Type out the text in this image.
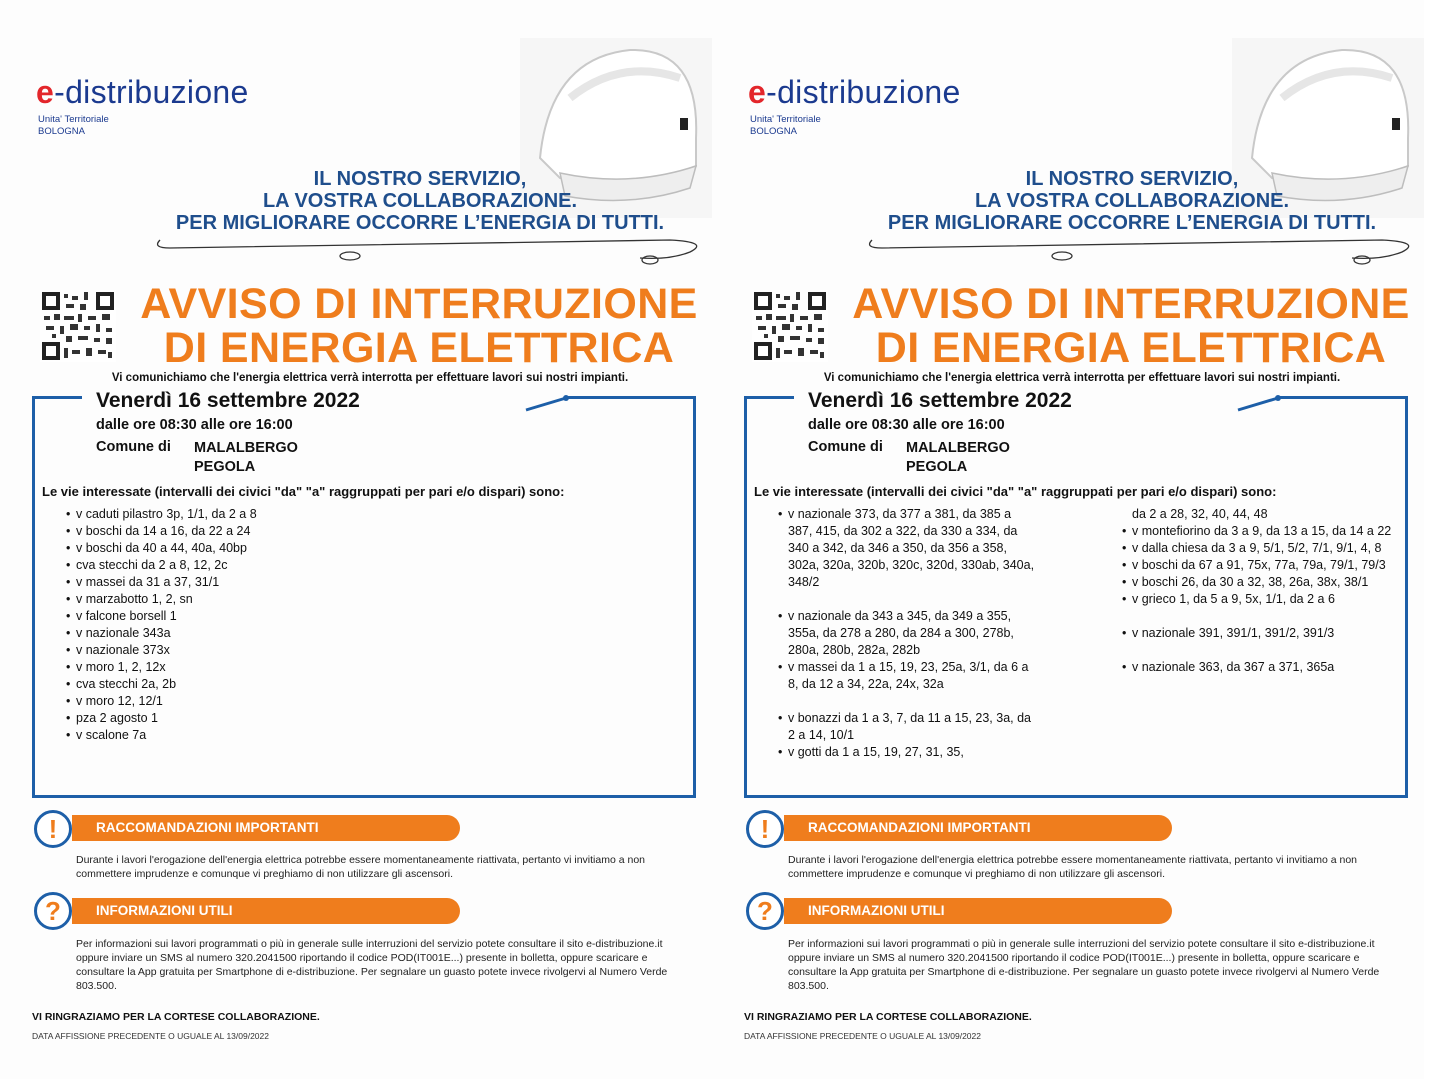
e-distribuzione
Unita' Territoriale
BOLOGNA
IL NOSTRO SERVIZIO,
LA VOSTRA COLLABORAZIONE.
PER MIGLIORARE OCCORRE L’ENERGIA DI TUTTI.
AVVISO DI INTERRUZIONE
DI ENERGIA ELETTRICA
Vi comunichiamo che l'energia elettrica verrà interrotta per effettuare lavori sui nostri impianti.
Venerdì 16 settembre 2022
dalle ore 08:30 alle ore 16:00
Comune di MALALBERGO
PEGOLA
Le vie interessate (intervalli dei civici "da" "a" raggruppati per pari e/o dispari) sono:
• v caduti pilastro 3p, 1/1, da 2 a 8
• v boschi da 14 a 16, da 22 a 24
• v boschi da 40 a 44, 40a, 40bp
• cva stecchi da 2 a 8, 12, 2c
• v massei da 31 a 37, 31/1
• v marzabotto 1, 2, sn
• v falcone borsell 1
• v nazionale 343a
• v nazionale 373x
• v moro 1, 2, 12x
• cva stecchi 2a, 2b
• v moro 12, 12/1
• pza 2 agosto 1
• v scalone 7a
!	RACCOMANDAZIONI IMPORTANTI
Durante i lavori l'erogazione dell'energia elettrica potrebbe essere momentaneamente riattivata, pertanto vi invitiamo a non commettere imprudenze e comunque vi preghiamo di non utilizzare gli ascensori.
?	INFORMAZIONI UTILI
Per informazioni sui lavori programmati o più in generale sulle interruzioni del servizio potete consultare il sito e-distribuzione.it oppure inviare un SMS al numero 320.2041500 riportando il codice POD(IT001E...) presente in bolletta, oppure scaricare e consultare la App gratuita per Smartphone di e-distribuzione. Per segnalare un guasto potete invece rivolgervi al Numero Verde 803.500.
VI RINGRAZIAMO PER LA CORTESE COLLABORAZIONE.
DATA AFFISSIONE PRECEDENTE O UGUALE AL 13/09/2022
e-distribuzione
Unita' Territoriale
BOLOGNA
IL NOSTRO SERVIZIO,
LA VOSTRA COLLABORAZIONE.
PER MIGLIORARE OCCORRE L’ENERGIA DI TUTTI.
AVVISO DI INTERRUZIONE
DI ENERGIA ELETTRICA
Vi comunichiamo che l'energia elettrica verrà interrotta per effettuare lavori sui nostri impianti.
Venerdì 16 settembre 2022
dalle ore 08:30 alle ore 16:00
Comune di MALALBERGO
PEGOLA
Le vie interessate (intervalli dei civici "da" "a" raggruppati per pari e/o dispari) sono:
• v nazionale 373, da 377 a 381, da 385 a 387, 415, da 302 a 322, da 330 a 334, da 340 a 342, da 346 a 350, da 356 a 358, 302a, 320a, 320b, 320c, 320d, 330ab, 340a, 348/2
• v nazionale da 343 a 345, da 349 a 355, 355a, da 278 a 280, da 284 a 300, 278b, 280a, 280b, 282a, 282b
• v massei da 1 a 15, 19, 23, 25a, 3/1, da 6 a 8, da 12 a 34, 22a, 24x, 32a
• v bonazzi da 1 a 3, 7, da 11 a 15, 23, 3a, da 2 a 14, 10/1
• v gotti da 1 a 15, 19, 27, 31, 35,
da 2 a 28, 32, 40, 44, 48
• v montefiorino da 3 a 9, da 13 a 15, da 14 a 22
• v dalla chiesa da 3 a 9, 5/1, 5/2, 7/1, 9/1, 4, 8
• v boschi da 67 a 91, 75x, 77a, 79a, 79/1, 79/3
• v boschi 26, da 30 a 32, 38, 26a, 38x, 38/1
• v grieco 1, da 5 a 9, 5x, 1/1, da 2 a 6
• v nazionale 391, 391/1, 391/2, 391/3
• v nazionale 363, da 367 a 371, 365a
!	RACCOMANDAZIONI IMPORTANTI
Durante i lavori l'erogazione dell'energia elettrica potrebbe essere momentaneamente riattivata, pertanto vi invitiamo a non commettere imprudenze e comunque vi preghiamo di non utilizzare gli ascensori.
?	INFORMAZIONI UTILI
Per informazioni sui lavori programmati o più in generale sulle interruzioni del servizio potete consultare il sito e-distribuzione.it oppure inviare un SMS al numero 320.2041500 riportando il codice POD(IT001E...) presente in bolletta, oppure scaricare e consultare la App gratuita per Smartphone di e-distribuzione. Per segnalare un guasto potete invece rivolgervi al Numero Verde 803.500.
VI RINGRAZIAMO PER LA CORTESE COLLABORAZIONE.
DATA AFFISSIONE PRECEDENTE O UGUALE AL 13/09/2022
